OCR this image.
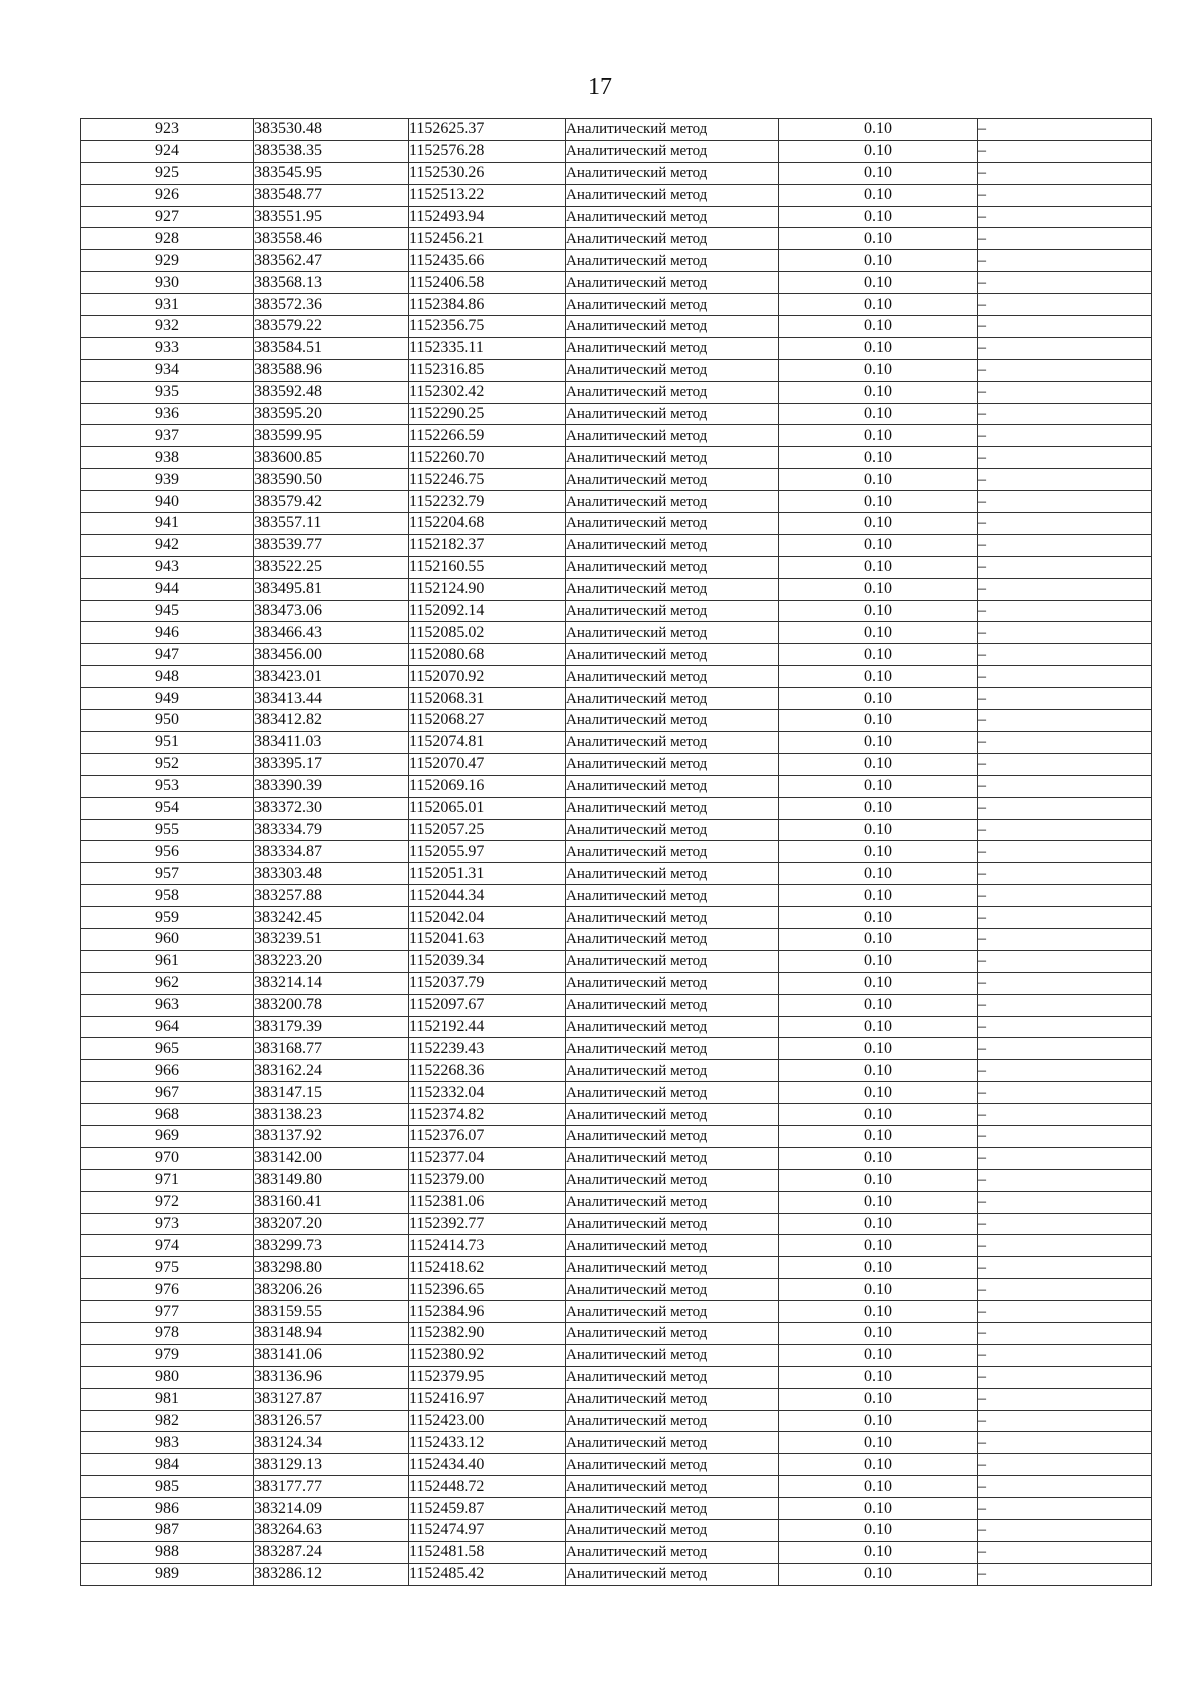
17
923	383530.48	1152625.37	Аналитический метод	0.10	–
924	383538.35	1152576.28	Аналитический метод	0.10	–
925	383545.95	1152530.26	Аналитический метод	0.10	–
926	383548.77	1152513.22	Аналитический метод	0.10	–
927	383551.95	1152493.94	Аналитический метод	0.10	–
928	383558.46	1152456.21	Аналитический метод	0.10	–
929	383562.47	1152435.66	Аналитический метод	0.10	–
930	383568.13	1152406.58	Аналитический метод	0.10	–
931	383572.36	1152384.86	Аналитический метод	0.10	–
932	383579.22	1152356.75	Аналитический метод	0.10	–
933	383584.51	1152335.11	Аналитический метод	0.10	–
934	383588.96	1152316.85	Аналитический метод	0.10	–
935	383592.48	1152302.42	Аналитический метод	0.10	–
936	383595.20	1152290.25	Аналитический метод	0.10	–
937	383599.95	1152266.59	Аналитический метод	0.10	–
938	383600.85	1152260.70	Аналитический метод	0.10	–
939	383590.50	1152246.75	Аналитический метод	0.10	–
940	383579.42	1152232.79	Аналитический метод	0.10	–
941	383557.11	1152204.68	Аналитический метод	0.10	–
942	383539.77	1152182.37	Аналитический метод	0.10	–
943	383522.25	1152160.55	Аналитический метод	0.10	–
944	383495.81	1152124.90	Аналитический метод	0.10	–
945	383473.06	1152092.14	Аналитический метод	0.10	–
946	383466.43	1152085.02	Аналитический метод	0.10	–
947	383456.00	1152080.68	Аналитический метод	0.10	–
948	383423.01	1152070.92	Аналитический метод	0.10	–
949	383413.44	1152068.31	Аналитический метод	0.10	–
950	383412.82	1152068.27	Аналитический метод	0.10	–
951	383411.03	1152074.81	Аналитический метод	0.10	–
952	383395.17	1152070.47	Аналитический метод	0.10	–
953	383390.39	1152069.16	Аналитический метод	0.10	–
954	383372.30	1152065.01	Аналитический метод	0.10	–
955	383334.79	1152057.25	Аналитический метод	0.10	–
956	383334.87	1152055.97	Аналитический метод	0.10	–
957	383303.48	1152051.31	Аналитический метод	0.10	–
958	383257.88	1152044.34	Аналитический метод	0.10	–
959	383242.45	1152042.04	Аналитический метод	0.10	–
960	383239.51	1152041.63	Аналитический метод	0.10	–
961	383223.20	1152039.34	Аналитический метод	0.10	–
962	383214.14	1152037.79	Аналитический метод	0.10	–
963	383200.78	1152097.67	Аналитический метод	0.10	–
964	383179.39	1152192.44	Аналитический метод	0.10	–
965	383168.77	1152239.43	Аналитический метод	0.10	–
966	383162.24	1152268.36	Аналитический метод	0.10	–
967	383147.15	1152332.04	Аналитический метод	0.10	–
968	383138.23	1152374.82	Аналитический метод	0.10	–
969	383137.92	1152376.07	Аналитический метод	0.10	–
970	383142.00	1152377.04	Аналитический метод	0.10	–
971	383149.80	1152379.00	Аналитический метод	0.10	–
972	383160.41	1152381.06	Аналитический метод	0.10	–
973	383207.20	1152392.77	Аналитический метод	0.10	–
974	383299.73	1152414.73	Аналитический метод	0.10	–
975	383298.80	1152418.62	Аналитический метод	0.10	–
976	383206.26	1152396.65	Аналитический метод	0.10	–
977	383159.55	1152384.96	Аналитический метод	0.10	–
978	383148.94	1152382.90	Аналитический метод	0.10	–
979	383141.06	1152380.92	Аналитический метод	0.10	–
980	383136.96	1152379.95	Аналитический метод	0.10	–
981	383127.87	1152416.97	Аналитический метод	0.10	–
982	383126.57	1152423.00	Аналитический метод	0.10	–
983	383124.34	1152433.12	Аналитический метод	0.10	–
984	383129.13	1152434.40	Аналитический метод	0.10	–
985	383177.77	1152448.72	Аналитический метод	0.10	–
986	383214.09	1152459.87	Аналитический метод	0.10	–
987	383264.63	1152474.97	Аналитический метод	0.10	–
988	383287.24	1152481.58	Аналитический метод	0.10	–
989	383286.12	1152485.42	Аналитический метод	0.10	–
